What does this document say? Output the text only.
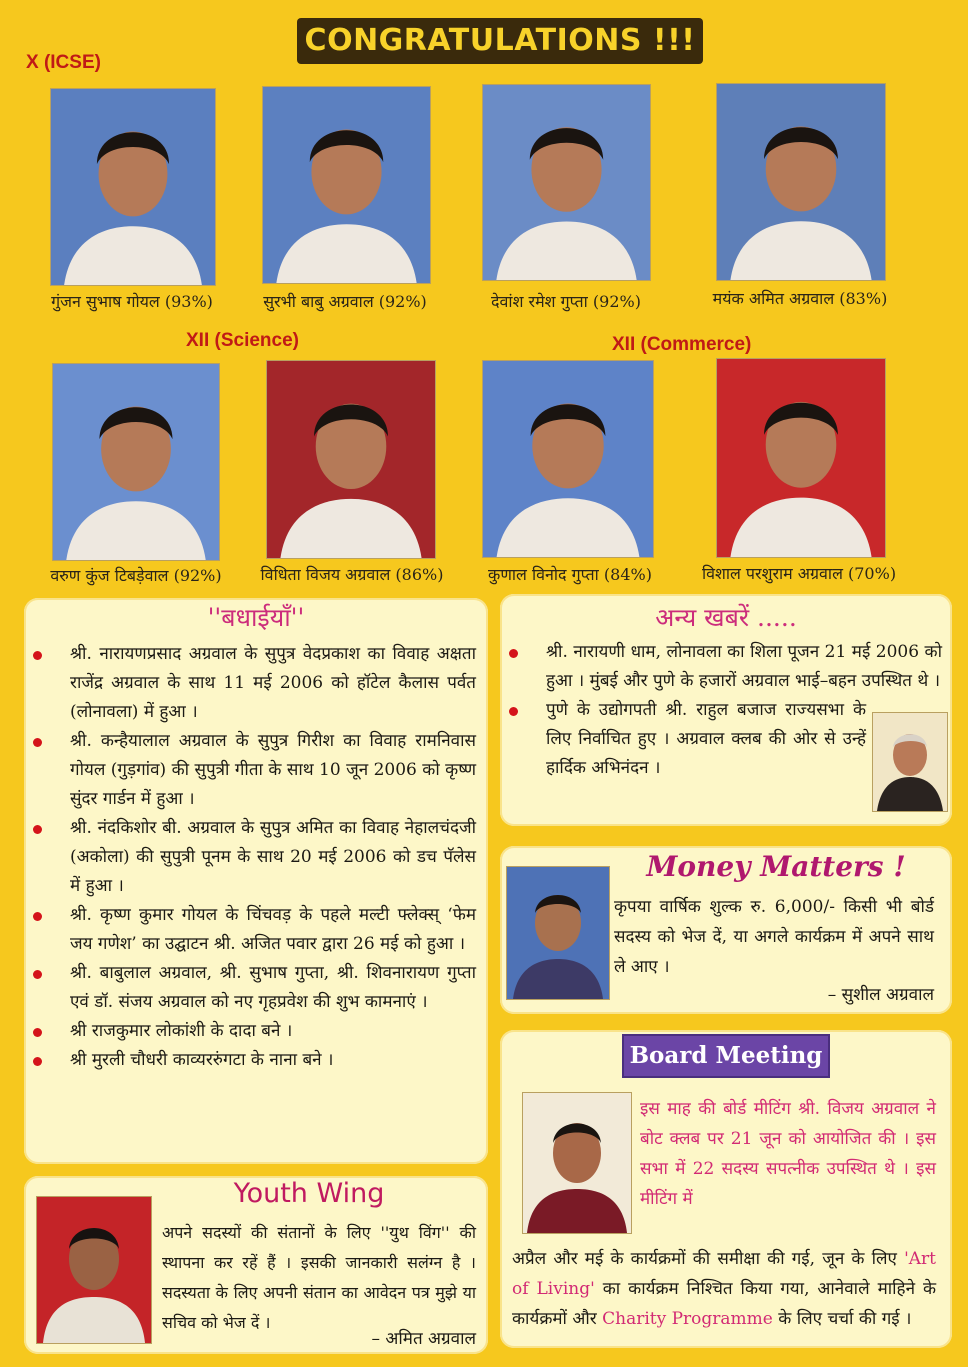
CONGRATULATIONS !!!
X (ICSE)
XII (Science)	XII (Commerce)
गुंजन सुभाष गोयल (93%)	सुरभी बाबु अग्रवाल (92%)	देवांश रमेश गुप्ता (92%)	मयंक अमित अग्रवाल (83%)
वरुण कुंज टिबड़ेवाल (92%)	विधिता विजय अग्रवाल (86%)	कुणाल विनोद गुप्ता (84%)	विशाल परशुराम अग्रवाल (70%)
''बधाईयाँ''
श्री. नारायणप्रसाद अग्रवाल के सुपुत्र वेदप्रकाश का विवाह अक्षता राजेंद्र अग्रवाल के साथ 11 मई 2006 को हॉटेल कैलास पर्वत (लोनावला) में हुआ ।
श्री. कन्हैयालाल अग्रवाल के सुपुत्र गिरीश का विवाह रामनिवास गोयल (गुड़गांव) की सुपुत्री गीता के साथ 10 जून 2006 को कृष्ण सुंदर गार्डन में हुआ ।
श्री. नंदकिशोर बी. अग्रवाल के सुपुत्र अमित का विवाह नेहालचंदजी (अकोला) की सुपुत्री पूनम के साथ 20 मई 2006 को डच पॅलेस में हुआ ।
श्री. कृष्ण कुमार गोयल के चिंचवड़ के पहले मल्टी फ्लेक्स् ‘फेम जय गणेश’ का उद्घाटन श्री. अजित पवार द्वारा 26 मई को हुआ ।
श्री. बाबुलाल अग्रवाल, श्री. सुभाष गुप्ता, श्री. शिवनारायण गुप्ता एवं डॉ. संजय अग्रवाल को नए गृहप्रवेश की शुभ कामनाएं ।
श्री राजकुमार लोकांशी के दादा बने ।
श्री मुरली चौधरी काव्यररुंगटा के नाना बने ।
अन्य खबरें .....
श्री. नारायणी धाम, लोनावला का शिला पूजन 21 मई 2006 को हुआ । मुंबई और पुणे के हजारों अग्रवाल भाई–बहन उपस्थित थे ।
पुणे के उद्योगपती श्री. राहुल बजाज राज्यसभा के लिए निर्वाचित हुए । अग्रवाल क्लब की ओर से उन्हें हार्दिक अभिनंदन ।
Money Matters !
कृपया वार्षिक शुल्क रु. 6,000/- किसी भी बोर्ड सदस्य को भेज दें, या अगले कार्यक्रम में अपने साथ ले आए ।
– सुशील अग्रवाल
Board Meeting
इस माह की बोर्ड मीटिंग श्री. विजय अग्रवाल ने बोट क्लब पर 21 जून को आयोजित की । इस सभा में 22 सदस्य सपत्नीक उपस्थित थे । इस मीटिंग में
अप्रैल और मई के कार्यक्रमों की समीक्षा की गई, जून के लिए 'Art of Living' का कार्यक्रम निश्चित किया गया, आनेवाले माहिने के कार्यक्रमों और Charity Programme के लिए चर्चा की गई ।
Youth Wing
अपने सदस्यों की संतानों के लिए ''युथ विंग'' की स्थापना कर रहें हैं । इसकी जानकारी सलंग्न है । सदस्यता के लिए अपनी संतान का आवेदन पत्र मुझे या सचिव को भेज दें ।
– अमित अग्रवाल
